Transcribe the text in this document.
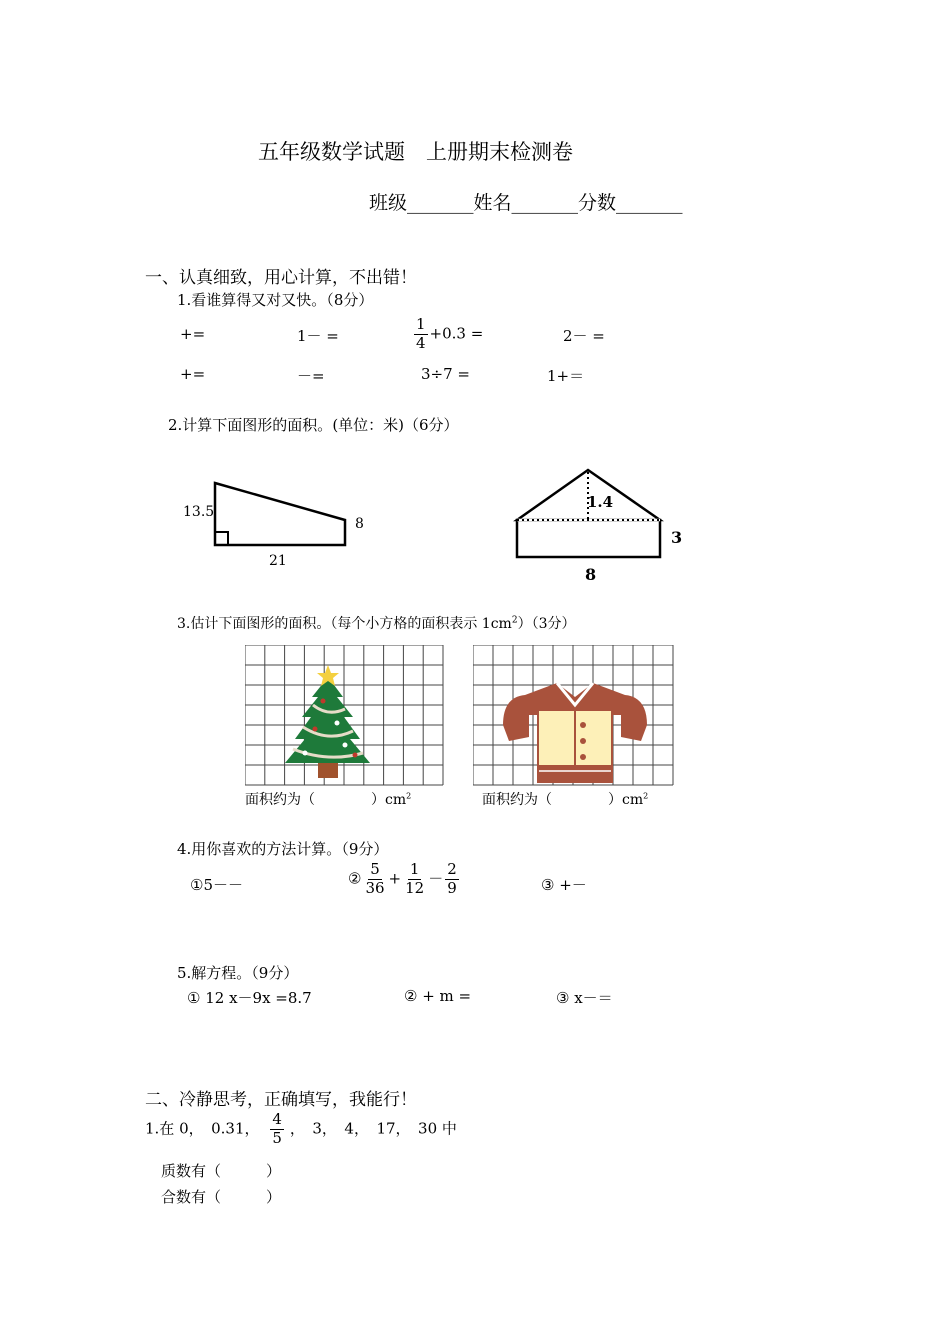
五年级数学试题　上册期末检测卷
班级_______姓名_______分数_______
一、认真细致，用心计算，不出错！
1.看谁算得又对又快。（8分）
+=	1－ =	$\frac{1}{4} +0.3$ =	2－ =
+=	－=	3÷7 =	1+＝
2.计算下面图形的面积。(单位：米)（6分）
13.5
8
21
1.4
3
8
3.估计下面图形的面积。（每个小方格的面积表示 $1cm^2)(3$分）
面积约为（　　　　）$cm^2$	面积约为（　　　　）$cm^2$
4.用你喜欢的方法计算。（9分）
①5－－	② $\frac{5}{36} + \frac{1}{12} - \frac{2}{9}$	③ +－
5.解方程。（9分）
① 12 x－9x =8.7	② + m =	③ x－＝
二、冷静思考，正确填写，我能行！
1.在 0，　0.31， $\frac{4}{5}$ ，　3，　4，　17，　30 中
质数有（　　　）
合数有（　　　）
